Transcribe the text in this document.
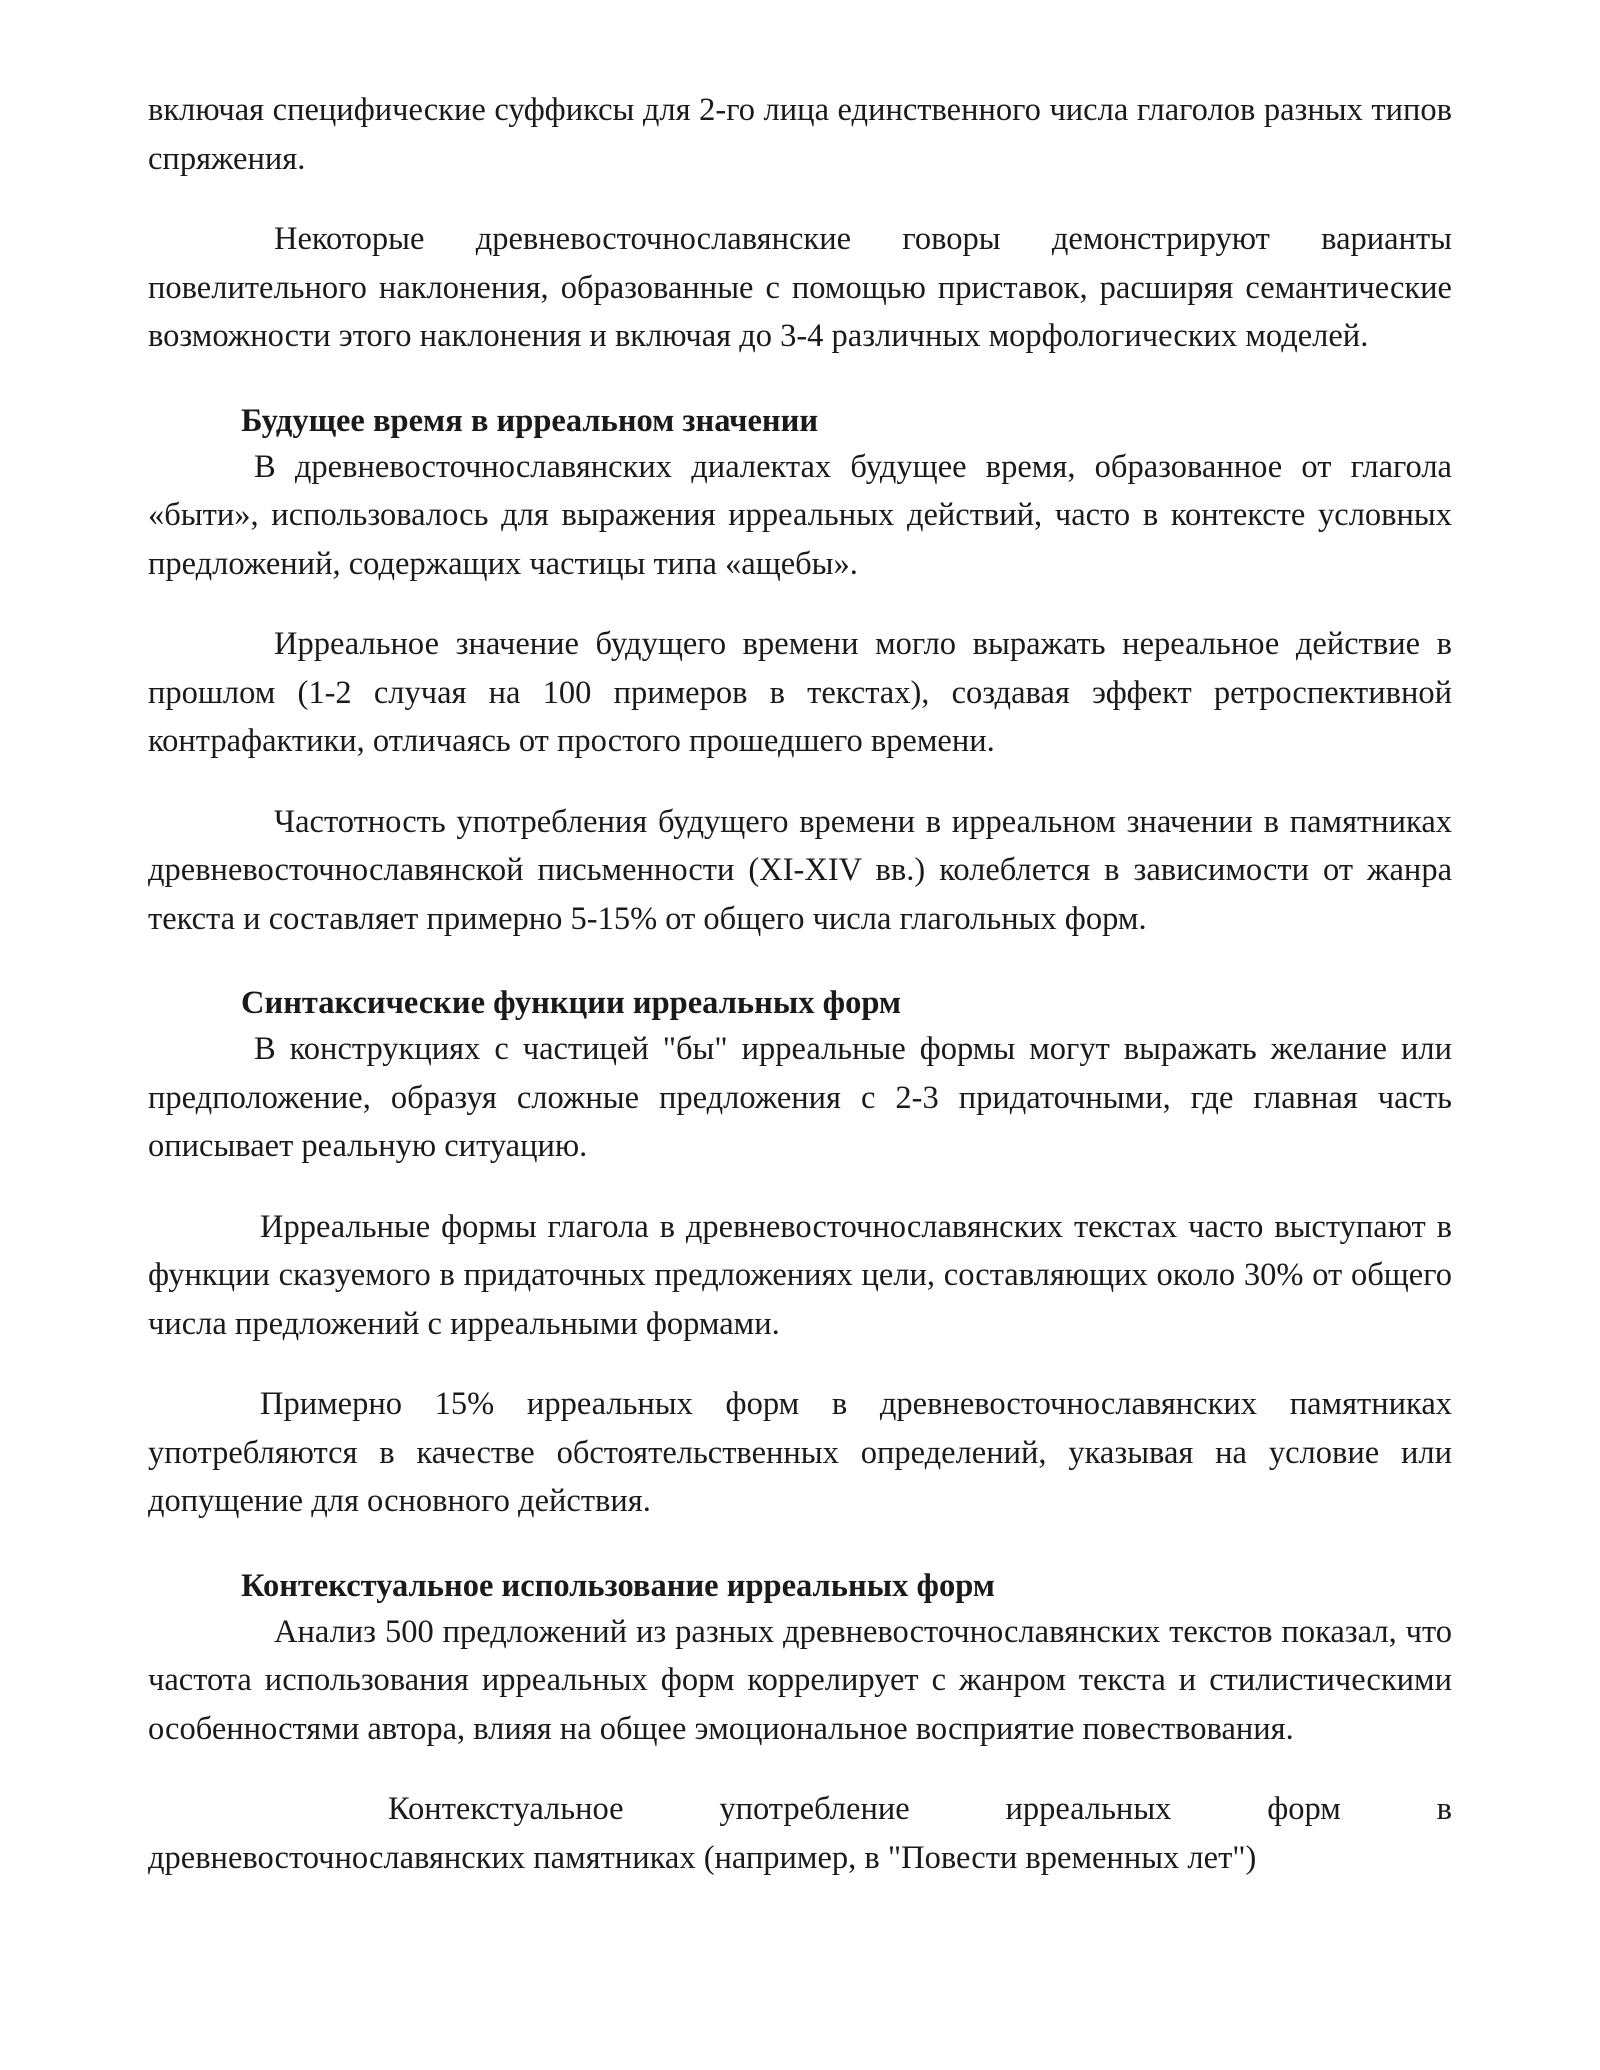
включая специфические суффиксы для 2-го лица единственного числа глаголов разных типов спряжения.

Некоторые древневосточнославянские говоры демонстрируют варианты повелительного наклонения, образованные с помощью приставок, расширяя семантические возможности этого наклонения и включая до 3-4 различных морфологических моделей.

Будущее время в ирреальном значении

В древневосточнославянских диалектах будущее время, образованное от глагола «быти», использовалось для выражения ирреальных действий, часто в контексте условных предложений, содержащих частицы типа «ащебы».

Ирреальное значение будущего времени могло выражать нереальное действие в прошлом (1-2 случая на 100 примеров в текстах), создавая эффект ретроспективной контрафактики, отличаясь от простого прошедшего времени.

Частотность употребления будущего времени в ирреальном значении в памятниках древневосточнославянской письменности (XI-XIV вв.) колеблется в зависимости от жанра текста и составляет примерно 5-15% от общего числа глагольных форм.

Синтаксические функции ирреальных форм

В конструкциях с частицей "бы" ирреальные формы могут выражать желание или предположение, образуя сложные предложения с 2-3 придаточными, где главная часть описывает реальную ситуацию.

Ирреальные формы глагола в древневосточнославянских текстах часто выступают в функции сказуемого в придаточных предложениях цели, составляющих около 30% от общего числа предложений с ирреальными формами.

Примерно 15% ирреальных форм в древневосточнославянских памятниках употребляются в качестве обстоятельственных определений, указывая на условие или допущение для основного действия.

Контекстуальное использование ирреальных форм

Анализ 500 предложений из разных древневосточнославянских текстов показал, что частота использования ирреальных форм коррелирует с жанром текста и стилистическими особенностями автора, влияя на общее эмоциональное восприятие повествования.

Контекстуальное употребление ирреальных форм в древневосточнославянских памятниках (например, в "Повести временных лет")
